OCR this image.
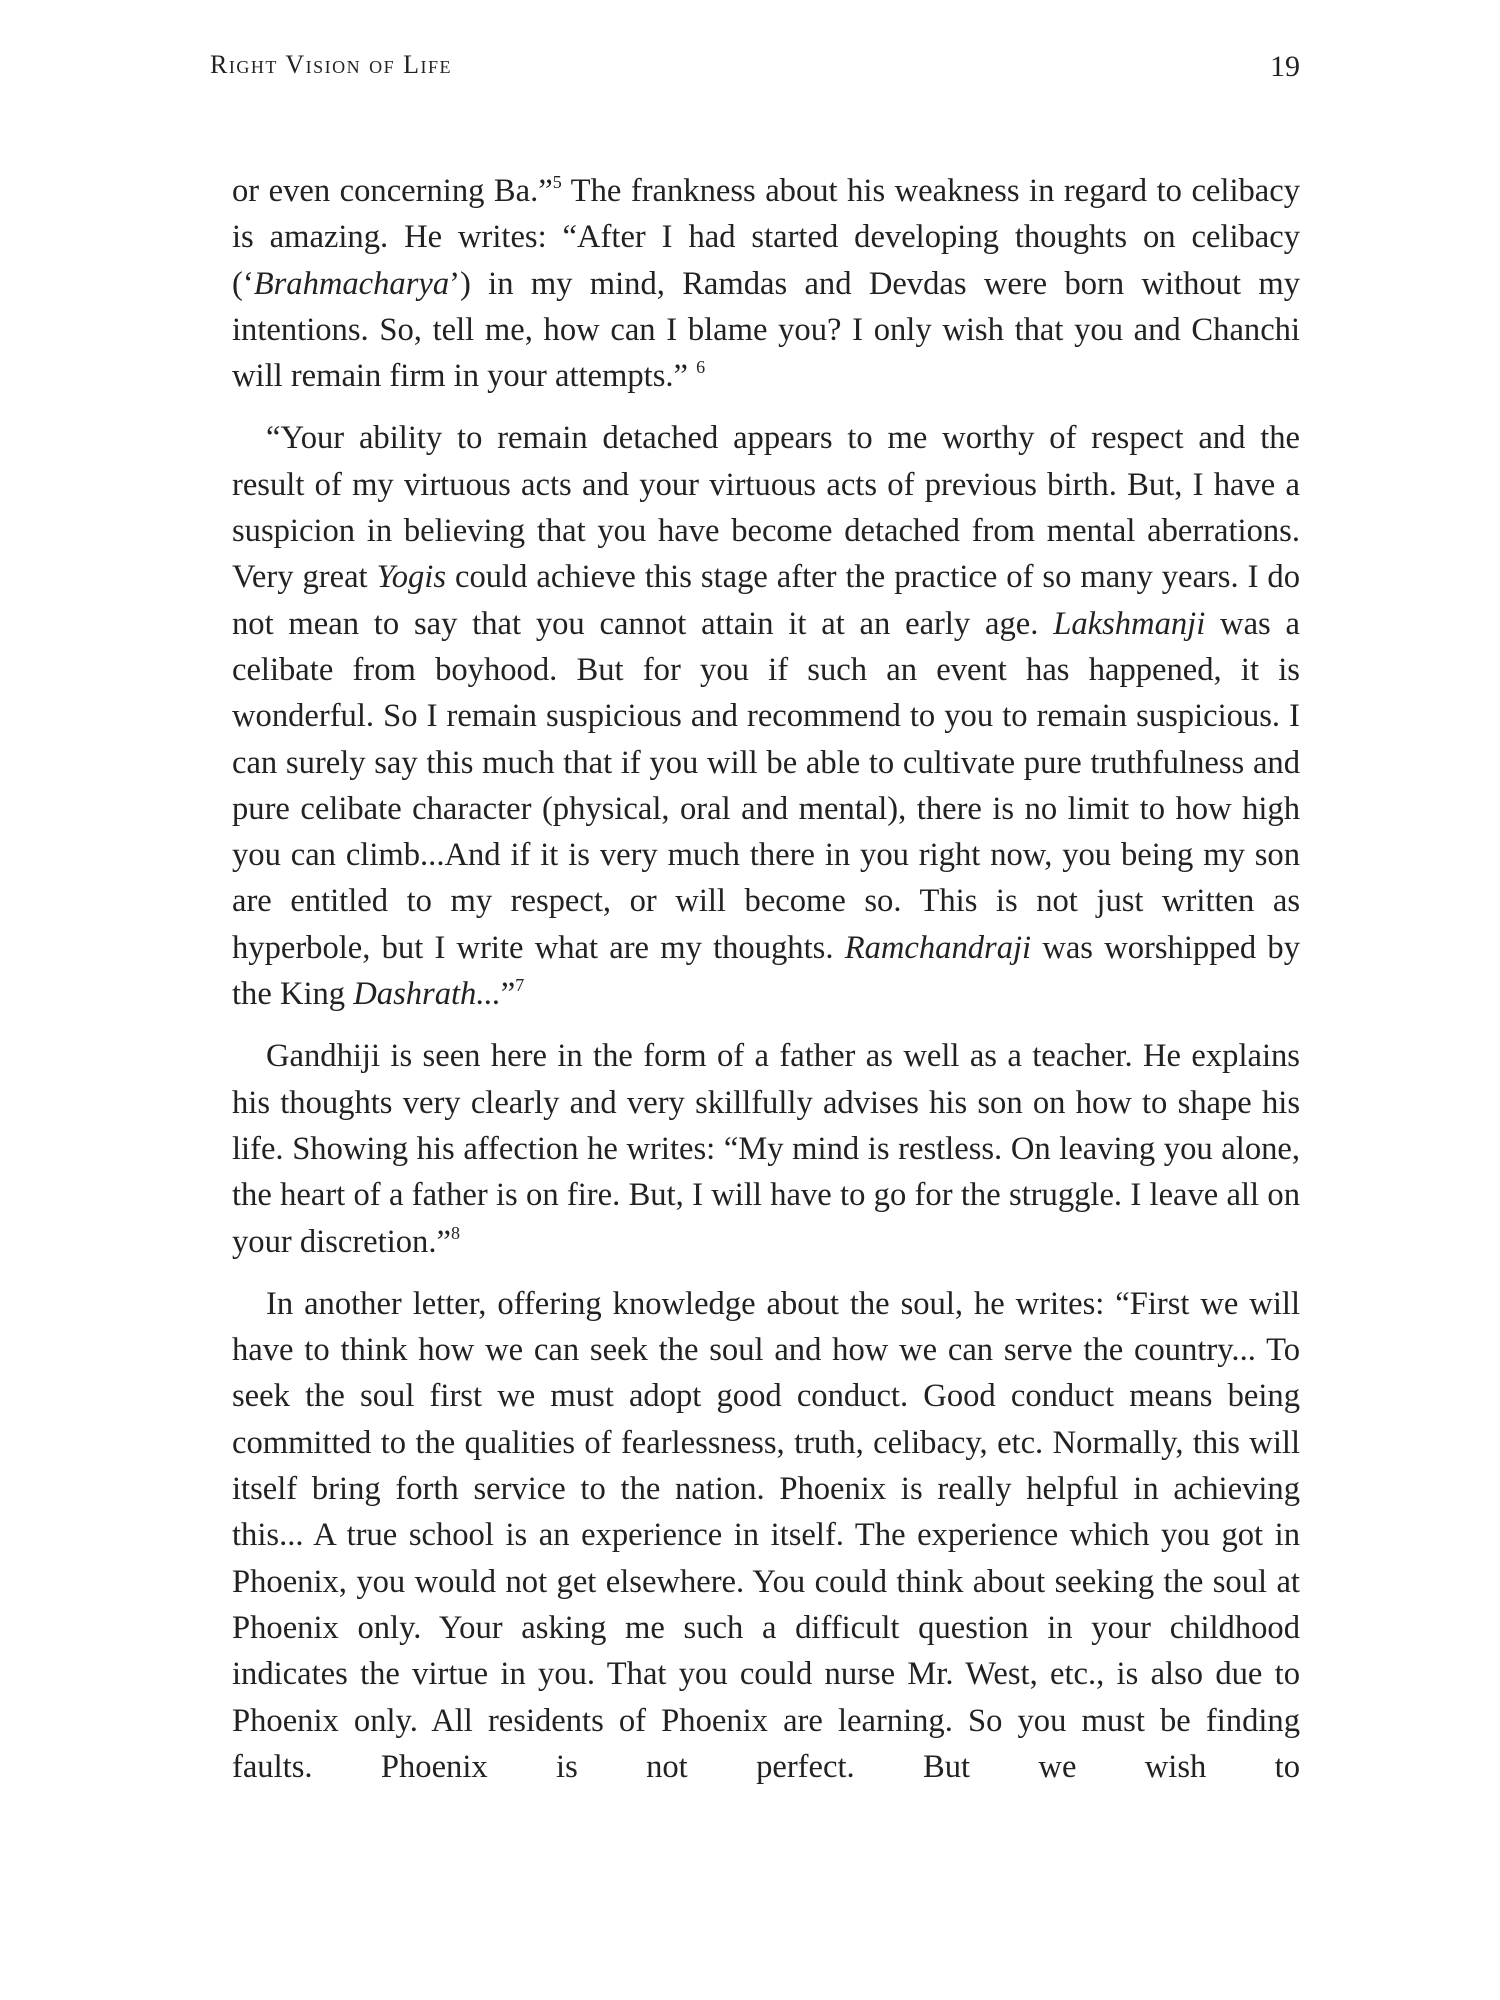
Right Vision of Life	19

or even concerning Ba.”$^5$ The frankness about his weakness in regard to celibacy is amazing. He writes: “After I had started developing thoughts on celibacy (‘Brahmacharya’) in my mind, Ramdas and Devdas were born without my intentions. So, tell me, how can I blame you? I only wish that you and Chanchi will remain firm in your attempts.” $^6$

“Your ability to remain detached appears to me worthy of respect and the result of my virtuous acts and your virtuous acts of previous birth. But, I have a suspicion in believing that you have become detached from mental aberrations. Very great Yogis could achieve this stage after the practice of so many years. I do not mean to say that you cannot attain it at an early age. Lakshmanji was a celibate from boyhood. But for you if such an event has happened, it is wonderful. So I remain suspicious and recommend to you to remain suspicious. I can surely say this much that if you will be able to cultivate pure truthfulness and pure celibate character (physical, oral and mental), there is no limit to how high you can climb...And if it is very much there in you right now, you being my son are entitled to my respect, or will become so. This is not just written as hyperbole, but I write what are my thoughts. Ramchandraji was worshipped by the King Dashrath...”$^7$

Gandhiji is seen here in the form of a father as well as a teacher. He explains his thoughts very clearly and very skillfully advises his son on how to shape his life. Showing his affection he writes: “My mind is restless. On leaving you alone, the heart of a father is on fire. But, I will have to go for the struggle. I leave all on your discretion.”$^8$

In another letter, offering knowledge about the soul, he writes: “First we will have to think how we can seek the soul and how we can serve the country... To seek the soul first we must adopt good conduct. Good conduct means being committed to the qualities of fearlessness, truth, celibacy, etc. Normally, this will itself bring forth service to the nation. Phoenix is really helpful in achieving this... A true school is an experience in itself. The experience which you got in Phoenix, you would not get elsewhere. You could think about seeking the soul at Phoenix only. Your asking me such a difficult question in your childhood indicates the virtue in you. That you could nurse Mr. West, etc., is also due to Phoenix only. All residents of Phoenix are learning. So you must be finding faults. Phoenix is not perfect. But we wish to
